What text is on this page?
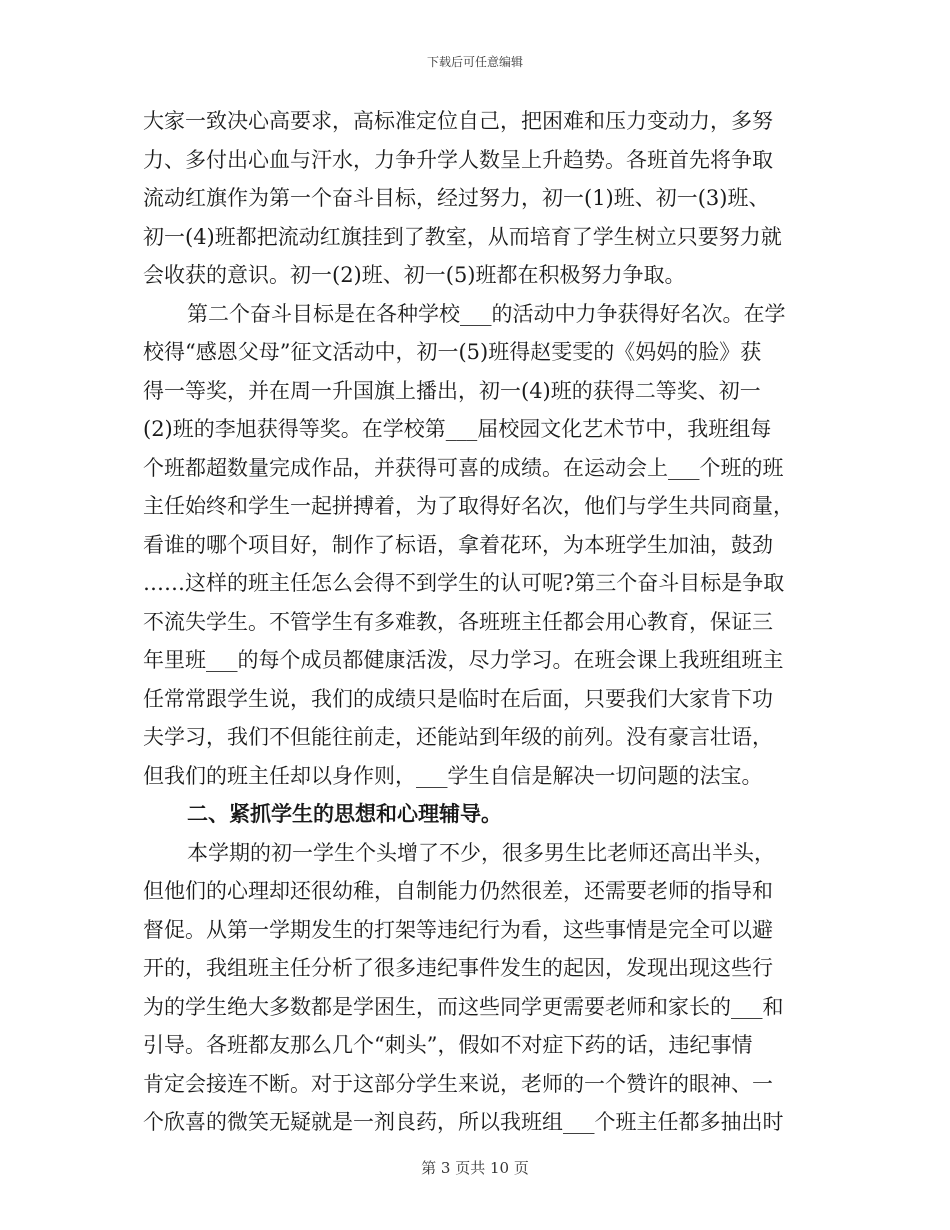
下载后可任意编辑
大家一致决心高要求，高标准定位自己，把困难和压力变动力，多努
力、多付出心血与汗水，力争升学人数呈上升趋势。各班首先将争取
流动红旗作为第一个奋斗目标，经过努力，初一(1)班、初一(3)班、
初一(4)班都把流动红旗挂到了教室，从而培育了学生树立只要努力就
会收获的意识。初一(2)班、初一(5)班都在积极努力争取。
第二个奋斗目标是在各种学校___的活动中力争获得好名次。在学
校得“感恩父母”征文活动中，初一(5)班得赵雯雯的《妈妈的脸》获
得一等奖，并在周一升国旗上播出，初一(4)班的获得二等奖、初一
(2)班的李旭获得等奖。在学校第___届校园文化艺术节中，我班组每
个班都超数量完成作品，并获得可喜的成绩。在运动会上___个班的班
主任始终和学生一起拼搏着，为了取得好名次，他们与学生共同商量，
看谁的哪个项目好，制作了标语，拿着花环，为本班学生加油，鼓劲
……这样的班主任怎么会得不到学生的认可呢?第三个奋斗目标是争取
不流失学生。不管学生有多难教，各班班主任都会用心教育，保证三
年里班___的每个成员都健康活泼，尽力学习。在班会课上我班组班主
任常常跟学生说，我们的成绩只是临时在后面，只要我们大家肯下功
夫学习，我们不但能往前走，还能站到年级的前列。没有豪言壮语，
但我们的班主任却以身作则，___学生自信是解决一切问题的法宝。
二、紧抓学生的思想和心理辅导。
本学期的初一学生个头增了不少，很多男生比老师还高出半头，
但他们的心理却还很幼稚，自制能力仍然很差，还需要老师的指导和
督促。从第一学期发生的打架等违纪行为看，这些事情是完全可以避
开的，我组班主任分析了很多违纪事件发生的起因，发现出现这些行
为的学生绝大多数都是学困生，而这些同学更需要老师和家长的___和
引导。各班都友那么几个“刺头”，假如不对症下药的话，违纪事情
肯定会接连不断。对于这部分学生来说，老师的一个赞许的眼神、一
个欣喜的微笑无疑就是一剂良药，所以我班组___个班主任都多抽出时
第 3 页共 10 页
